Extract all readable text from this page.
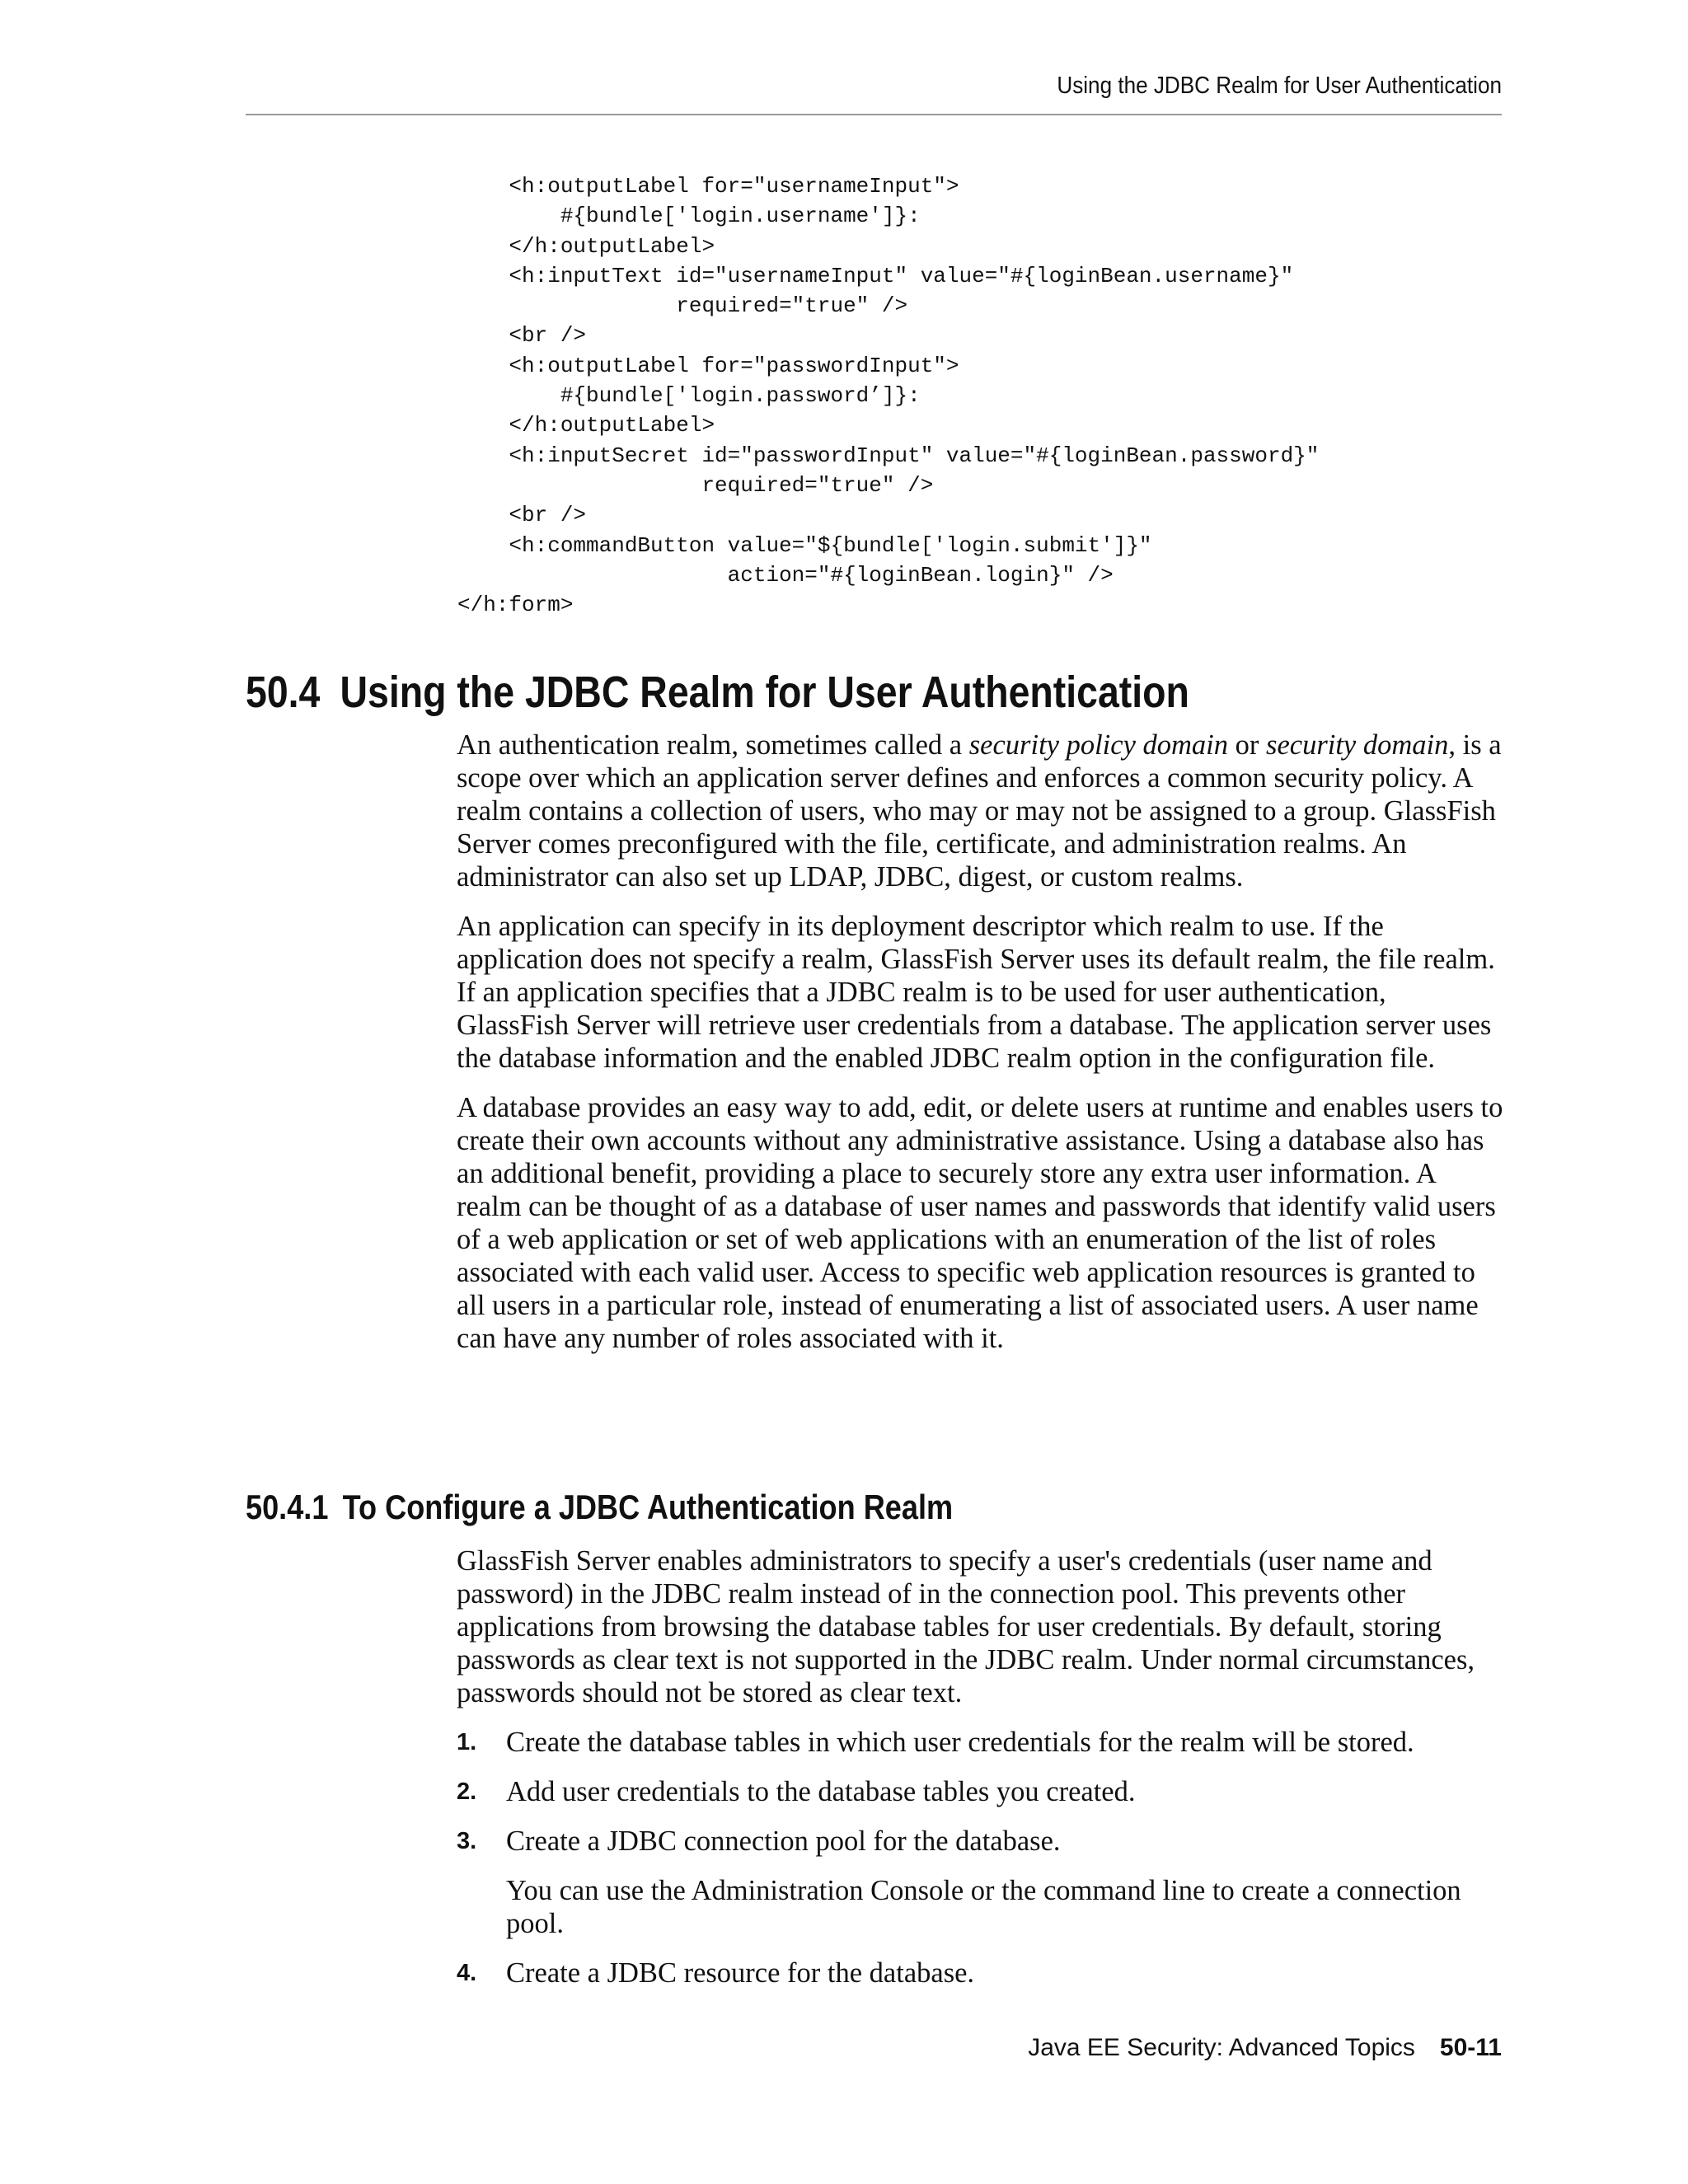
Using the JDBC Realm for User Authentication
<h:outputLabel for="usernameInput">
#{bundle['login.username']}:
</h:outputLabel>
<h:inputText id="usernameInput" value="#{loginBean.username}"
required="true" />
<br />
<h:outputLabel for="passwordInput">
#{bundle['login.password’]}:
</h:outputLabel>
<h:inputSecret id="passwordInput" value="#{loginBean.password}"
required="true" />
<br />
<h:commandButton value="${bundle['login.submit']}"
action="#{loginBean.login}" />
</h:form>
50.4 Using the JDBC Realm for User Authentication

An authentication realm, sometimes called a security policy domain or security domain, is a scope over which an application server defines and enforces a common security policy. A realm contains a collection of users, who may or may not be assigned to a group. GlassFish Server comes preconfigured with the file, certificate, and administration realms. An administrator can also set up LDAP, JDBC, digest, or custom realms.

An application can specify in its deployment descriptor which realm to use. If the application does not specify a realm, GlassFish Server uses its default realm, the file realm. If an application specifies that a JDBC realm is to be used for user authentication, GlassFish Server will retrieve user credentials from a database. The application server uses the database information and the enabled JDBC realm option in the configuration file.

A database provides an easy way to add, edit, or delete users at runtime and enables users to create their own accounts without any administrative assistance. Using a database also has an additional benefit, providing a place to securely store any extra user information. A realm can be thought of as a database of user names and passwords that identify valid users of a web application or set of web applications with an enumeration of the list of roles associated with each valid user. Access to specific web application resources is granted to all users in a particular role, instead of enumerating a list of associated users. A user name can have any number of roles associated with it.

50.4.1 To Configure a JDBC Authentication Realm

GlassFish Server enables administrators to specify a user's credentials (user name and password) in the JDBC realm instead of in the connection pool. This prevents other applications from browsing the database tables for user credentials. By default, storing passwords as clear text is not supported in the JDBC realm. Under normal circumstances, passwords should not be stored as clear text.

1. Create the database tables in which user credentials for the realm will be stored.

2. Add user credentials to the database tables you created.

3. Create a JDBC connection pool for the database.

You can use the Administration Console or the command line to create a connection pool.

4. Create a JDBC resource for the database.

Java EE Security: Advanced Topics 50-11
